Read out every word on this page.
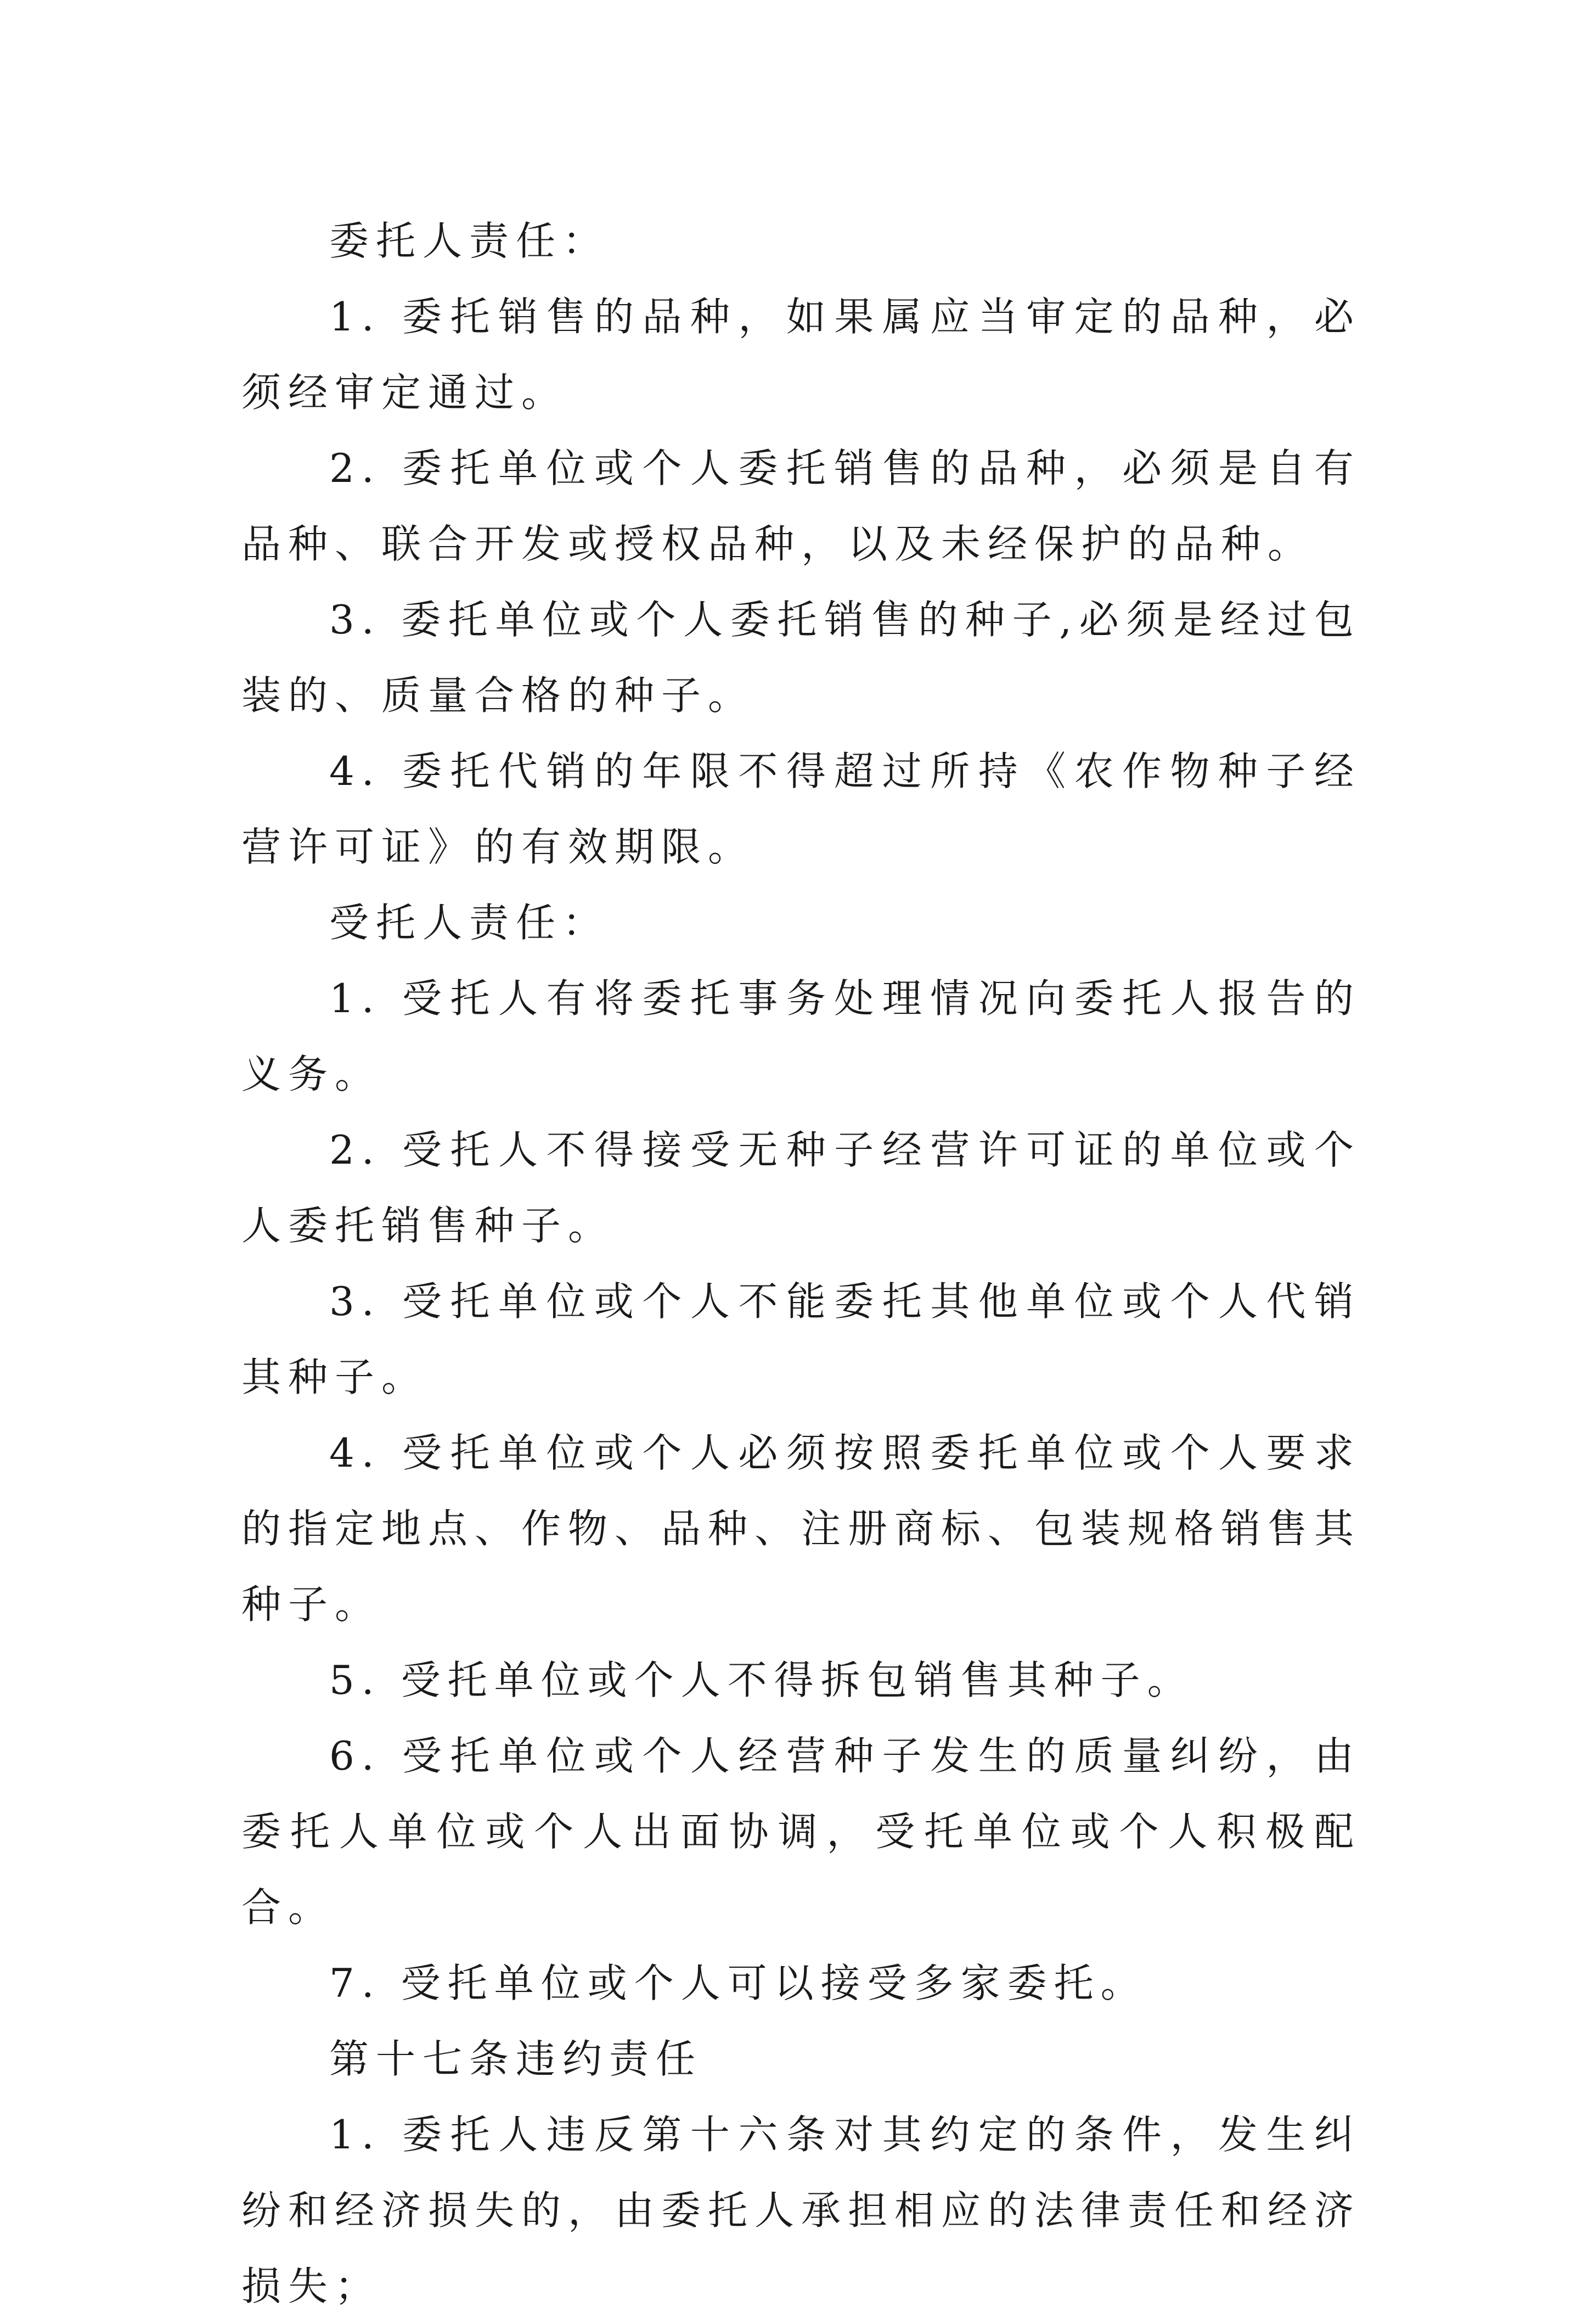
委托人责任：

1. 委托销售的品种，如果属应当审定的品种，必须经审定通过。

2. 委托单位或个人委托销售的品种，必须是自有品种、联合开发或授权品种，以及未经保护的品种。

3. 委托单位或个人委托销售的种子,必须是经过包装的、质量合格的种子。

4. 委托代销的年限不得超过所持《农作物种子经营许可证》的有效期限。

受托人责任：

1. 受托人有将委托事务处理情况向委托人报告的义务。

2. 受托人不得接受无种子经营许可证的单位或个人委托销售种子。

3. 受托单位或个人不能委托其他单位或个人代销其种子。

4. 受托单位或个人必须按照委托单位或个人要求的指定地点、作物、品种、注册商标、包装规格销售其种子。

5. 受托单位或个人不得拆包销售其种子。

6. 受托单位或个人经营种子发生的质量纠纷，由委托人单位或个人出面协调，受托单位或个人积极配合。

7. 受托单位或个人可以接受多家委托。

第十七条违约责任

1. 委托人违反第十六条对其约定的条件，发生纠纷和经济损失的，由委托人承担相应的法律责任和经济损失；
